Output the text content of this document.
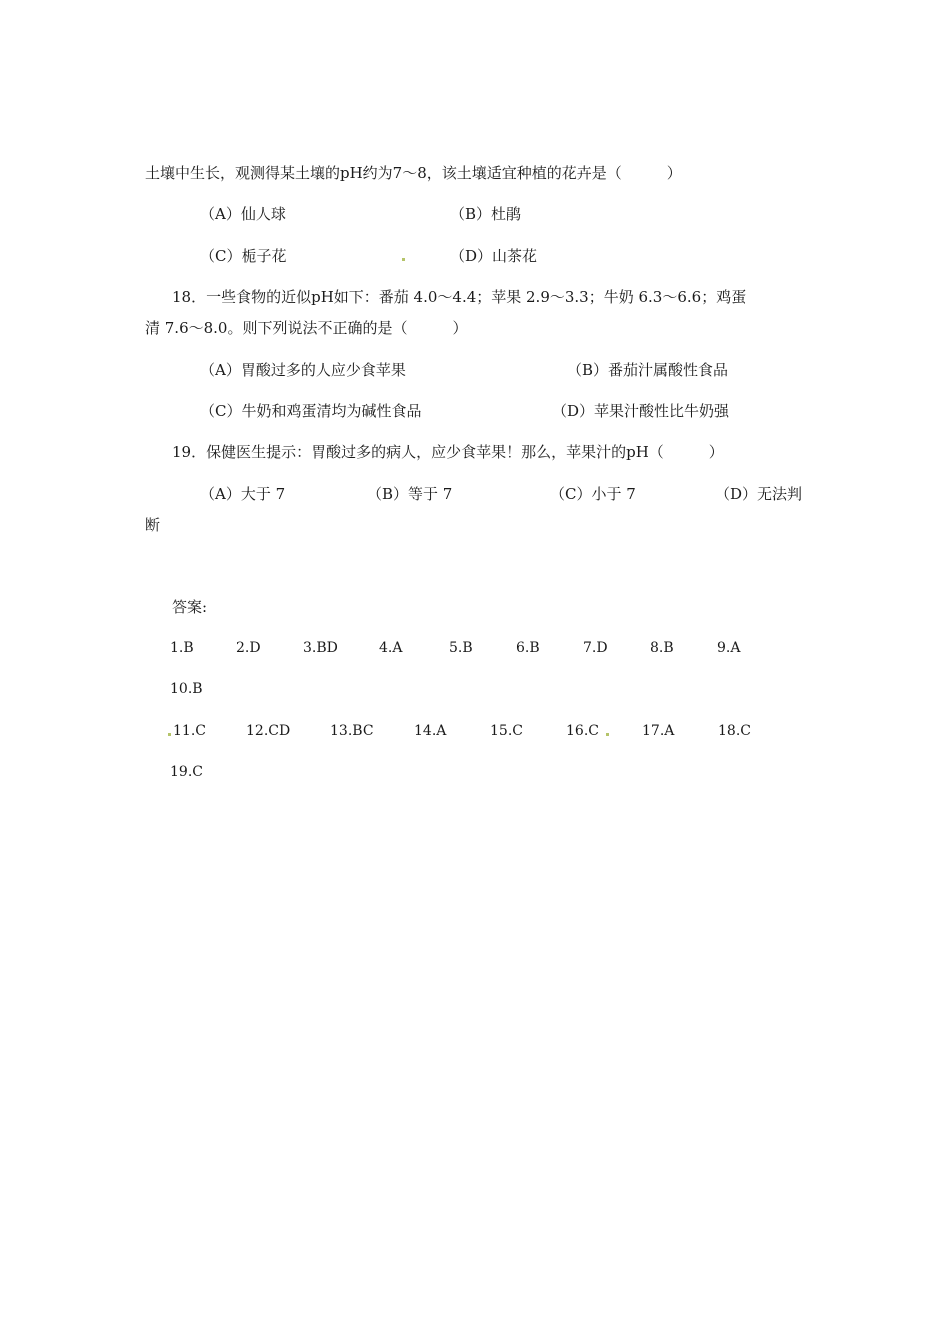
土壤中生长，观测得某土壤的pH约为7～8，该土壤适宜种植的花卉是（　　　）
（A）仙人球	（B）杜鹃
（C）栀子花	（D）山茶花
18．一些食物的近似pH如下：番茄 4.0～4.4；苹果 2.9～3.3；牛奶 6.3～6.6；鸡蛋
清 7.6～8.0。则下列说法不正确的是（　　　）
（A）胃酸过多的人应少食苹果	（B）番茄汁属酸性食品
（C）牛奶和鸡蛋清均为碱性食品	（D）苹果汁酸性比牛奶强
19．保健医生提示：胃酸过多的病人，应少食苹果！那么，苹果汁的pH（　　　）
（A）大于 7	（B）等于 7	（C）小于 7	（D）无法判
断
答案:
1.B	2.D	3.BD	4.A	5.B	6.B	7.D	8.B	9.A
10.B
11.C	12.CD	13.BC	14.A	15.C	16.C	17.A	18.C
19.C
